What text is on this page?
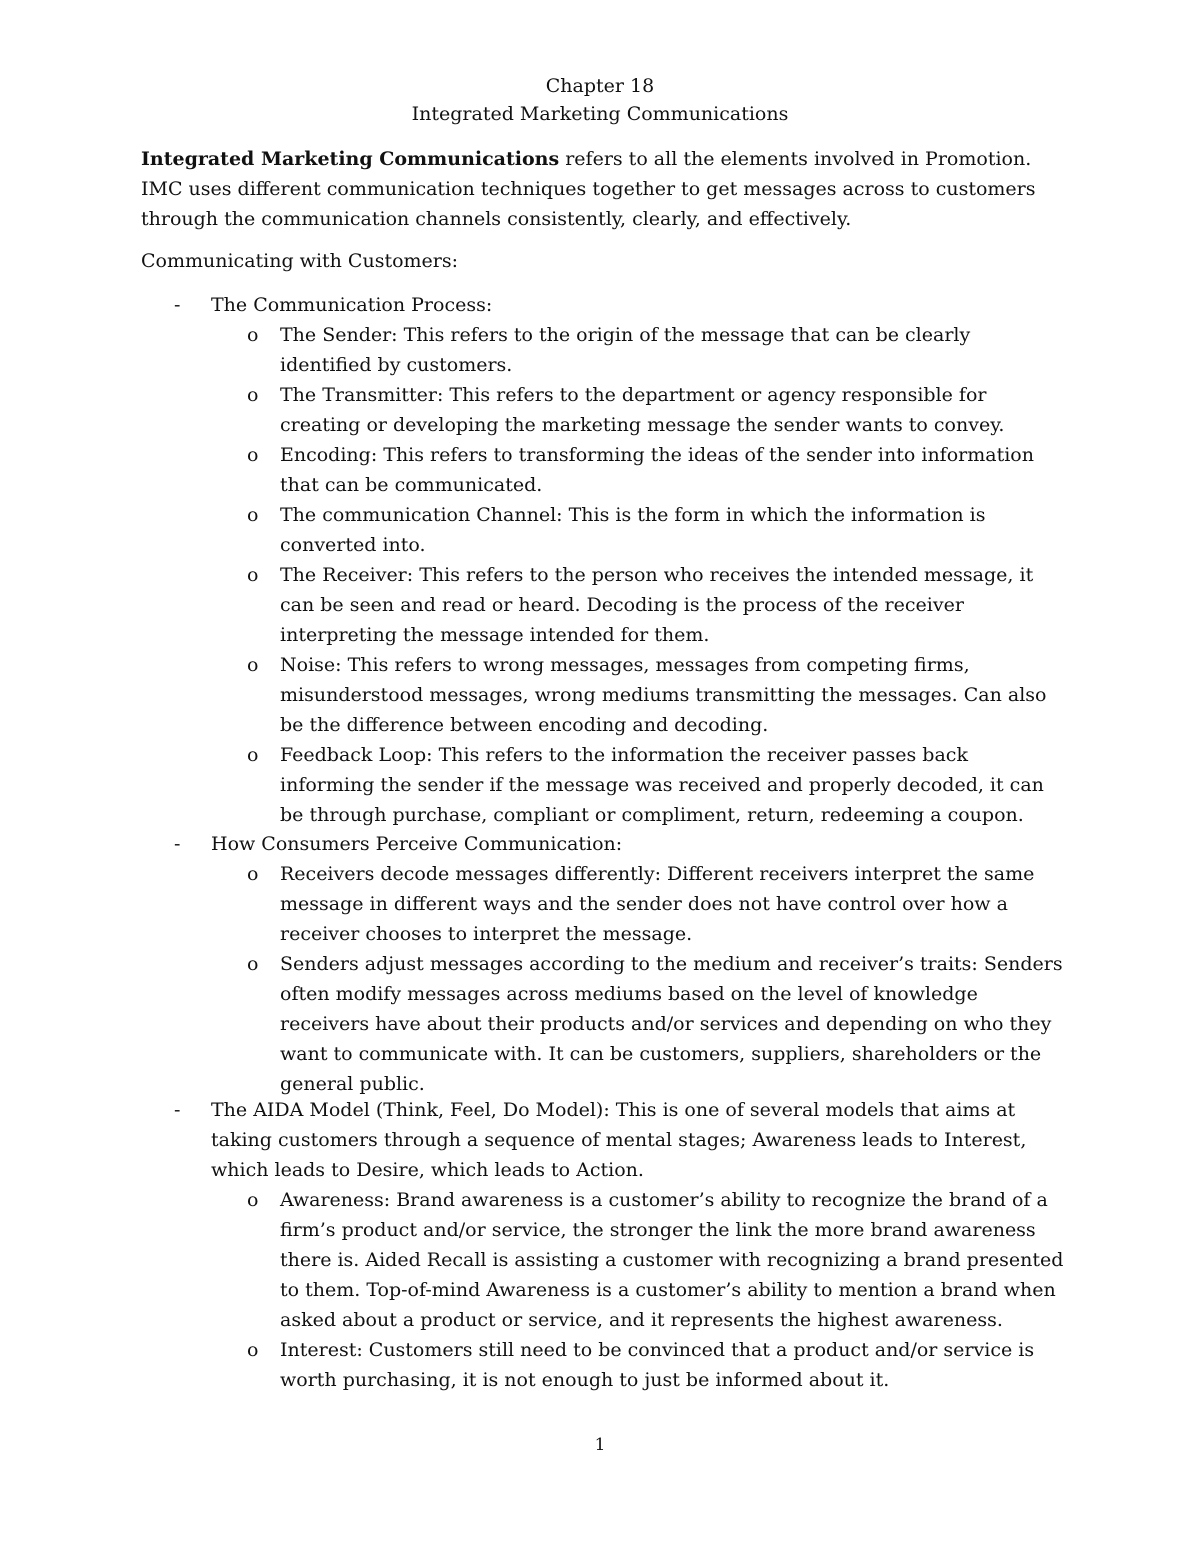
Chapter 18
Integrated Marketing Communications

Integrated Marketing Communications refers to all the elements involved in Promotion. IMC uses different communication techniques together to get messages across to customers through the communication channels consistently, clearly, and effectively.

Communicating with Customers:
- The Communication Process:
o The Sender: This refers to the origin of the message that can be clearly identified by customers.
o The Transmitter: This refers to the department or agency responsible for creating or developing the marketing message the sender wants to convey.
o Encoding: This refers to transforming the ideas of the sender into information that can be communicated.
o The communication Channel: This is the form in which the information is converted into.
o The Receiver: This refers to the person who receives the intended message, it can be seen and read or heard. Decoding is the process of the receiver interpreting the message intended for them.
o Noise: This refers to wrong messages, messages from competing firms, misunderstood messages, wrong mediums transmitting the messages. Can also be the difference between encoding and decoding.
o Feedback Loop: This refers to the information the receiver passes back informing the sender if the message was received and properly decoded, it can be through purchase, compliant or compliment, return, redeeming a coupon.
- How Consumers Perceive Communication:
o Receivers decode messages differently: Different receivers interpret the same message in different ways and the sender does not have control over how a receiver chooses to interpret the message.
o Senders adjust messages according to the medium and receiver’s traits: Senders often modify messages across mediums based on the level of knowledge receivers have about their products and/or services and depending on who they want to communicate with. It can be customers, suppliers, shareholders or the general public.
- The AIDA Model (Think, Feel, Do Model): This is one of several models that aims at taking customers through a sequence of mental stages; Awareness leads to Interest, which leads to Desire, which leads to Action.
o Awareness: Brand awareness is a customer’s ability to recognize the brand of a firm’s product and/or service, the stronger the link the more brand awareness there is. Aided Recall is assisting a customer with recognizing a brand presented to them. Top-of-mind Awareness is a customer’s ability to mention a brand when asked about a product or service, and it represents the highest awareness.
o Interest: Customers still need to be convinced that a product and/or service is worth purchasing, it is not enough to just be informed about it.
1
